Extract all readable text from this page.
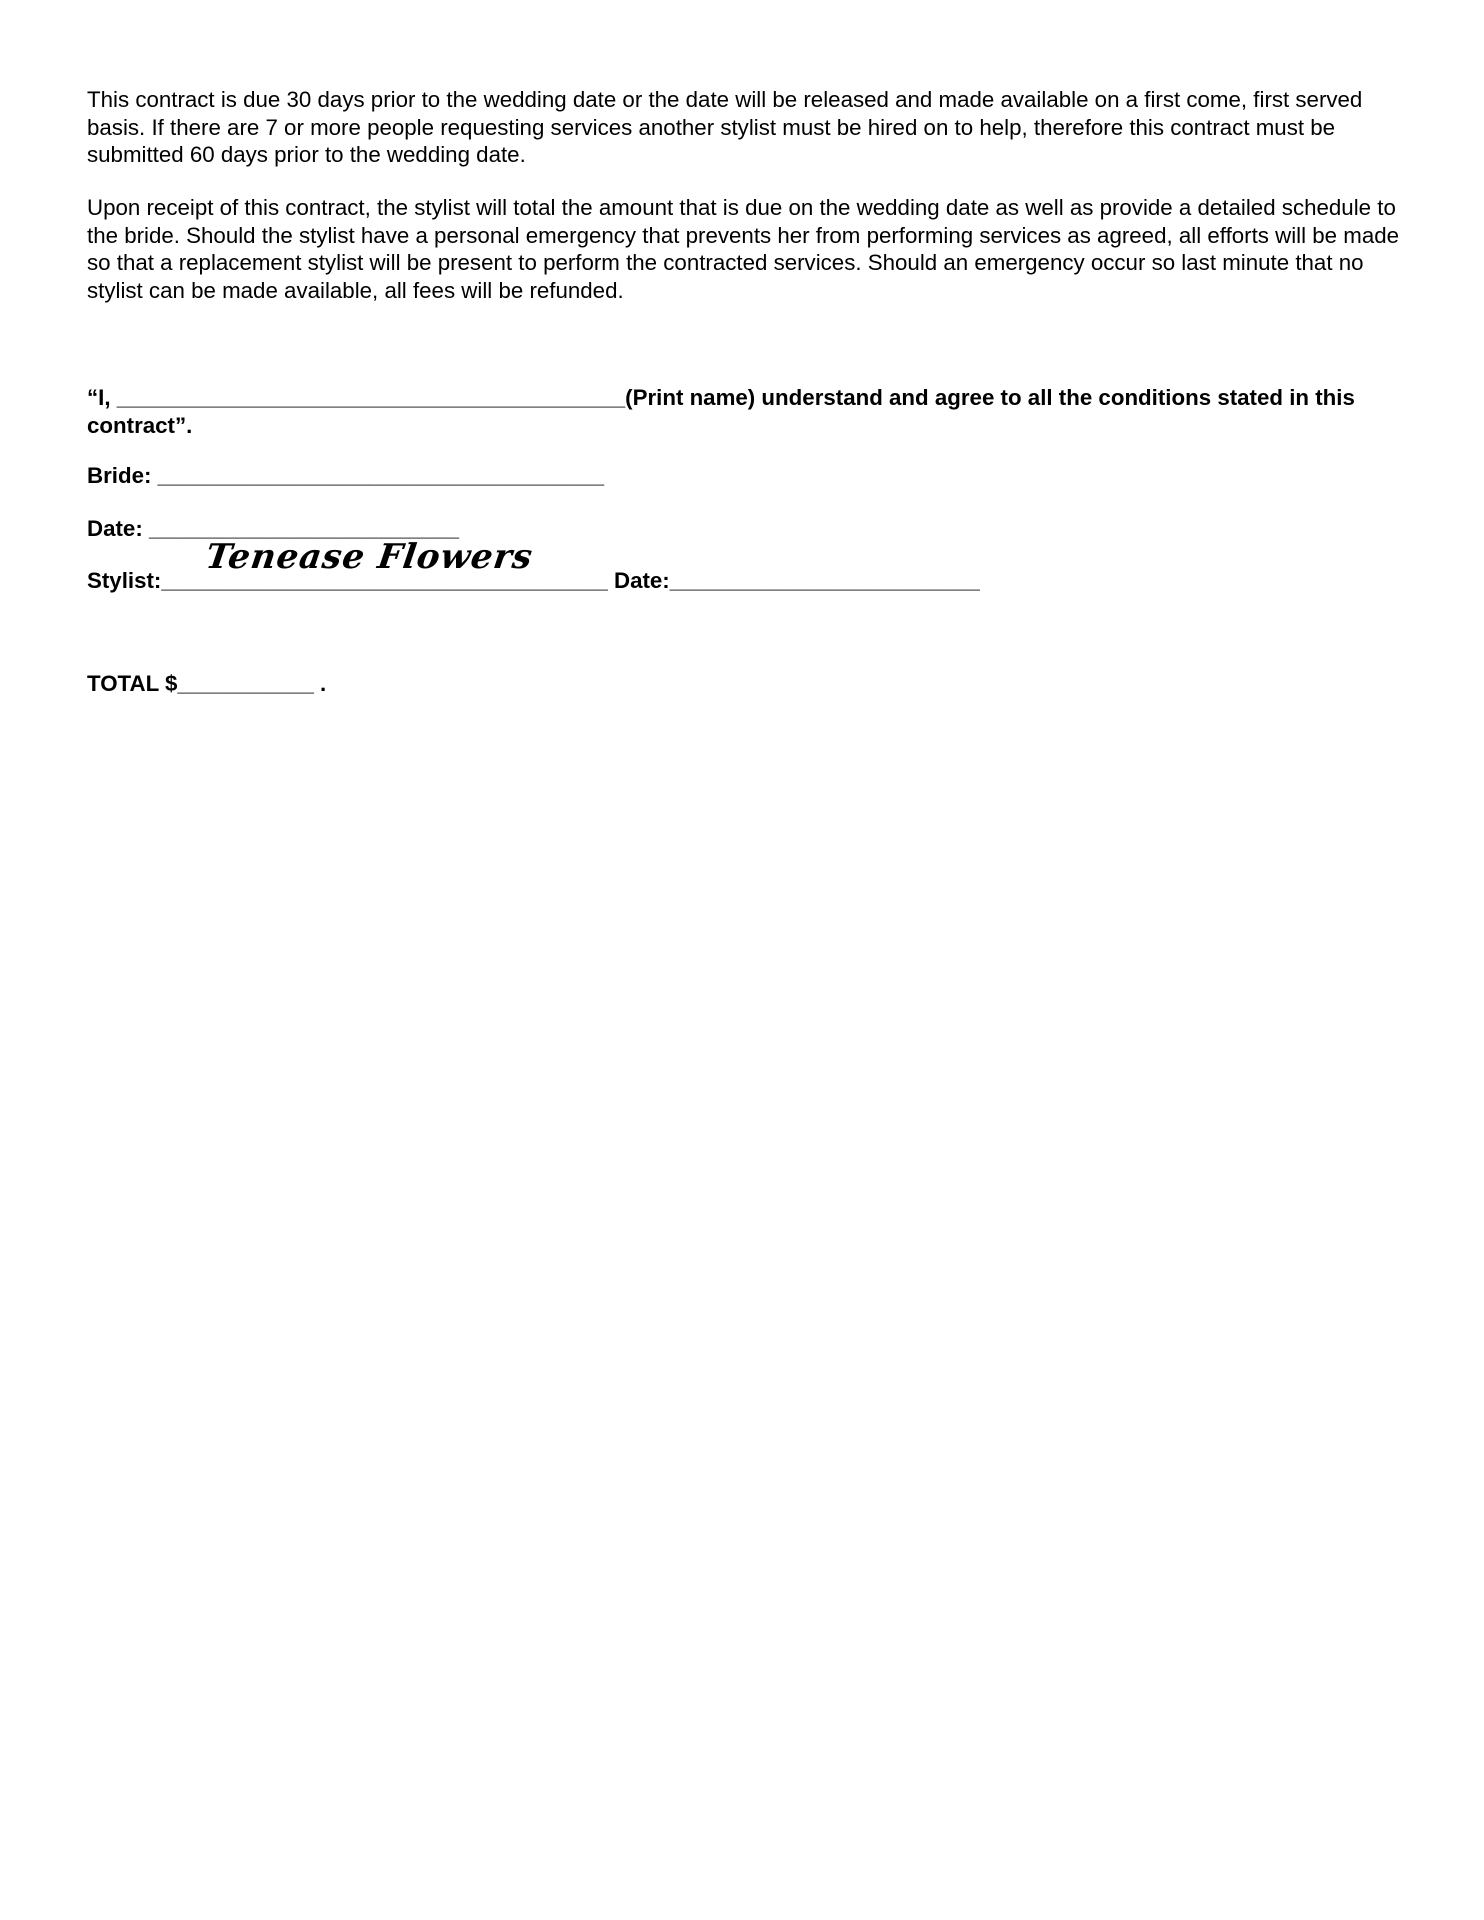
This contract is due 30 days prior to the wedding date or the date will be released and made available on a first come, first served basis. If there are 7 or more people requesting services another stylist must be hired on to help, therefore this contract must be submitted 60 days prior to the wedding date.

Upon receipt of this contract, the stylist will total the amount that is due on the wedding date as well as provide a detailed schedule to the bride. Should the stylist have a personal emergency that prevents her from performing services as agreed, all efforts will be made so that a replacement stylist will be present to perform the contracted services. Should an emergency occur so last minute that no stylist can be made available, all fees will be refunded.

“I, _________________________________________(Print name) understand and agree to all the conditions stated in this contract”.
Bride: ____________________________________
Date: _________________________
Stylist:____________________________________
Tenease Flowers
Date:_________________________
TOTAL $___________ .
